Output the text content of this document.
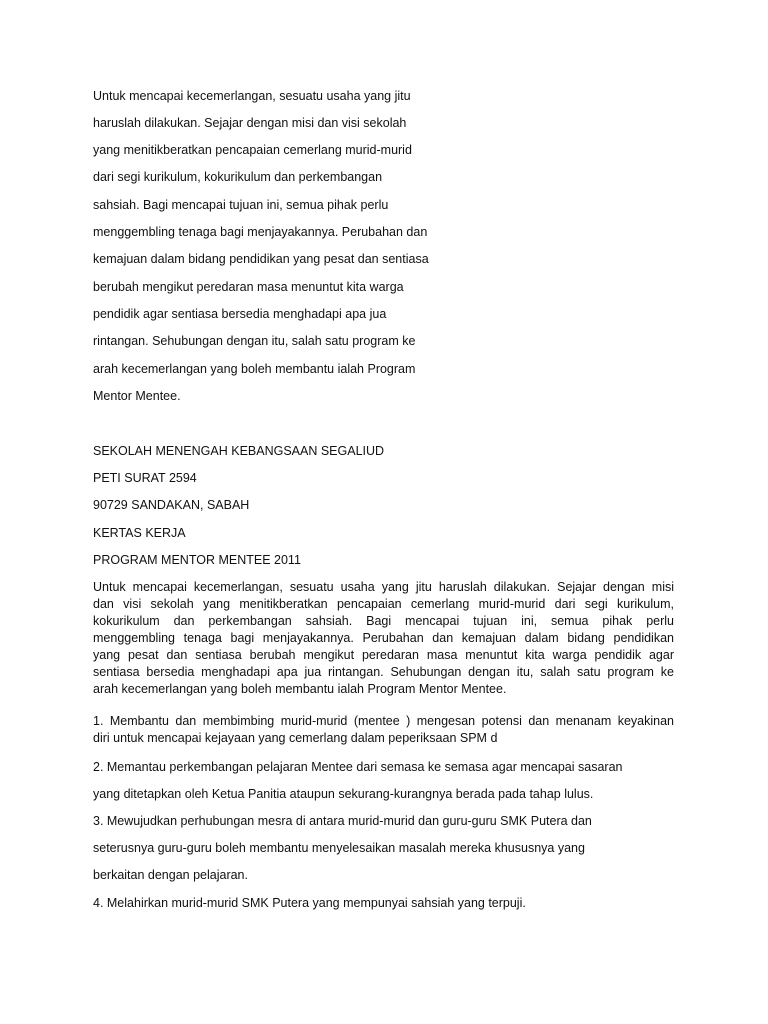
Untuk mencapai kecemerlangan, sesuatu usaha yang jitu
haruslah dilakukan. Sejajar dengan misi dan visi sekolah
yang menitikberatkan pencapaian cemerlang murid-murid
dari segi kurikulum, kokurikulum dan perkembangan
sahsiah. Bagi mencapai tujuan ini, semua pihak perlu
menggembling tenaga bagi menjayakannya. Perubahan dan
kemajuan dalam bidang pendidikan yang pesat dan sentiasa
berubah mengikut peredaran masa menuntut kita warga
pendidik agar sentiasa bersedia menghadapi apa jua
rintangan. Sehubungan dengan itu, salah satu program ke
arah kecemerlangan yang boleh membantu ialah Program
Mentor Mentee.
SEKOLAH MENENGAH KEBANGSAAN SEGALIUD
PETI SURAT 2594
90729 SANDAKAN, SABAH
KERTAS KERJA
PROGRAM MENTOR MENTEE 2011
Untuk mencapai kecemerlangan, sesuatu usaha yang jitu haruslah dilakukan. Sejajar dengan misi
dan visi sekolah yang menitikberatkan pencapaian cemerlang murid-murid dari segi kurikulum,
kokurikulum dan perkembangan sahsiah. Bagi mencapai tujuan ini, semua pihak perlu
menggembling tenaga bagi menjayakannya. Perubahan dan kemajuan dalam bidang pendidikan
yang pesat dan sentiasa berubah mengikut peredaran masa menuntut kita warga pendidik agar
sentiasa bersedia menghadapi apa jua rintangan. Sehubungan dengan itu, salah satu program ke
arah kecemerlangan yang boleh membantu ialah Program Mentor Mentee.
1. Membantu dan membimbing murid-murid (mentee ) mengesan potensi dan menanam keyakinan
diri untuk mencapai kejayaan yang cemerlang dalam peperiksaan SPM d
2. Memantau perkembangan pelajaran Mentee dari semasa ke semasa agar mencapai sasaran
yang ditetapkan oleh Ketua Panitia ataupun sekurang-kurangnya berada pada tahap lulus.
3. Mewujudkan perhubungan mesra di antara murid-murid dan guru-guru SMK Putera dan
seterusnya guru-guru boleh membantu menyelesaikan masalah mereka khususnya yang
berkaitan dengan pelajaran.
4. Melahirkan murid-murid SMK Putera yang mempunyai sahsiah yang terpuji.
